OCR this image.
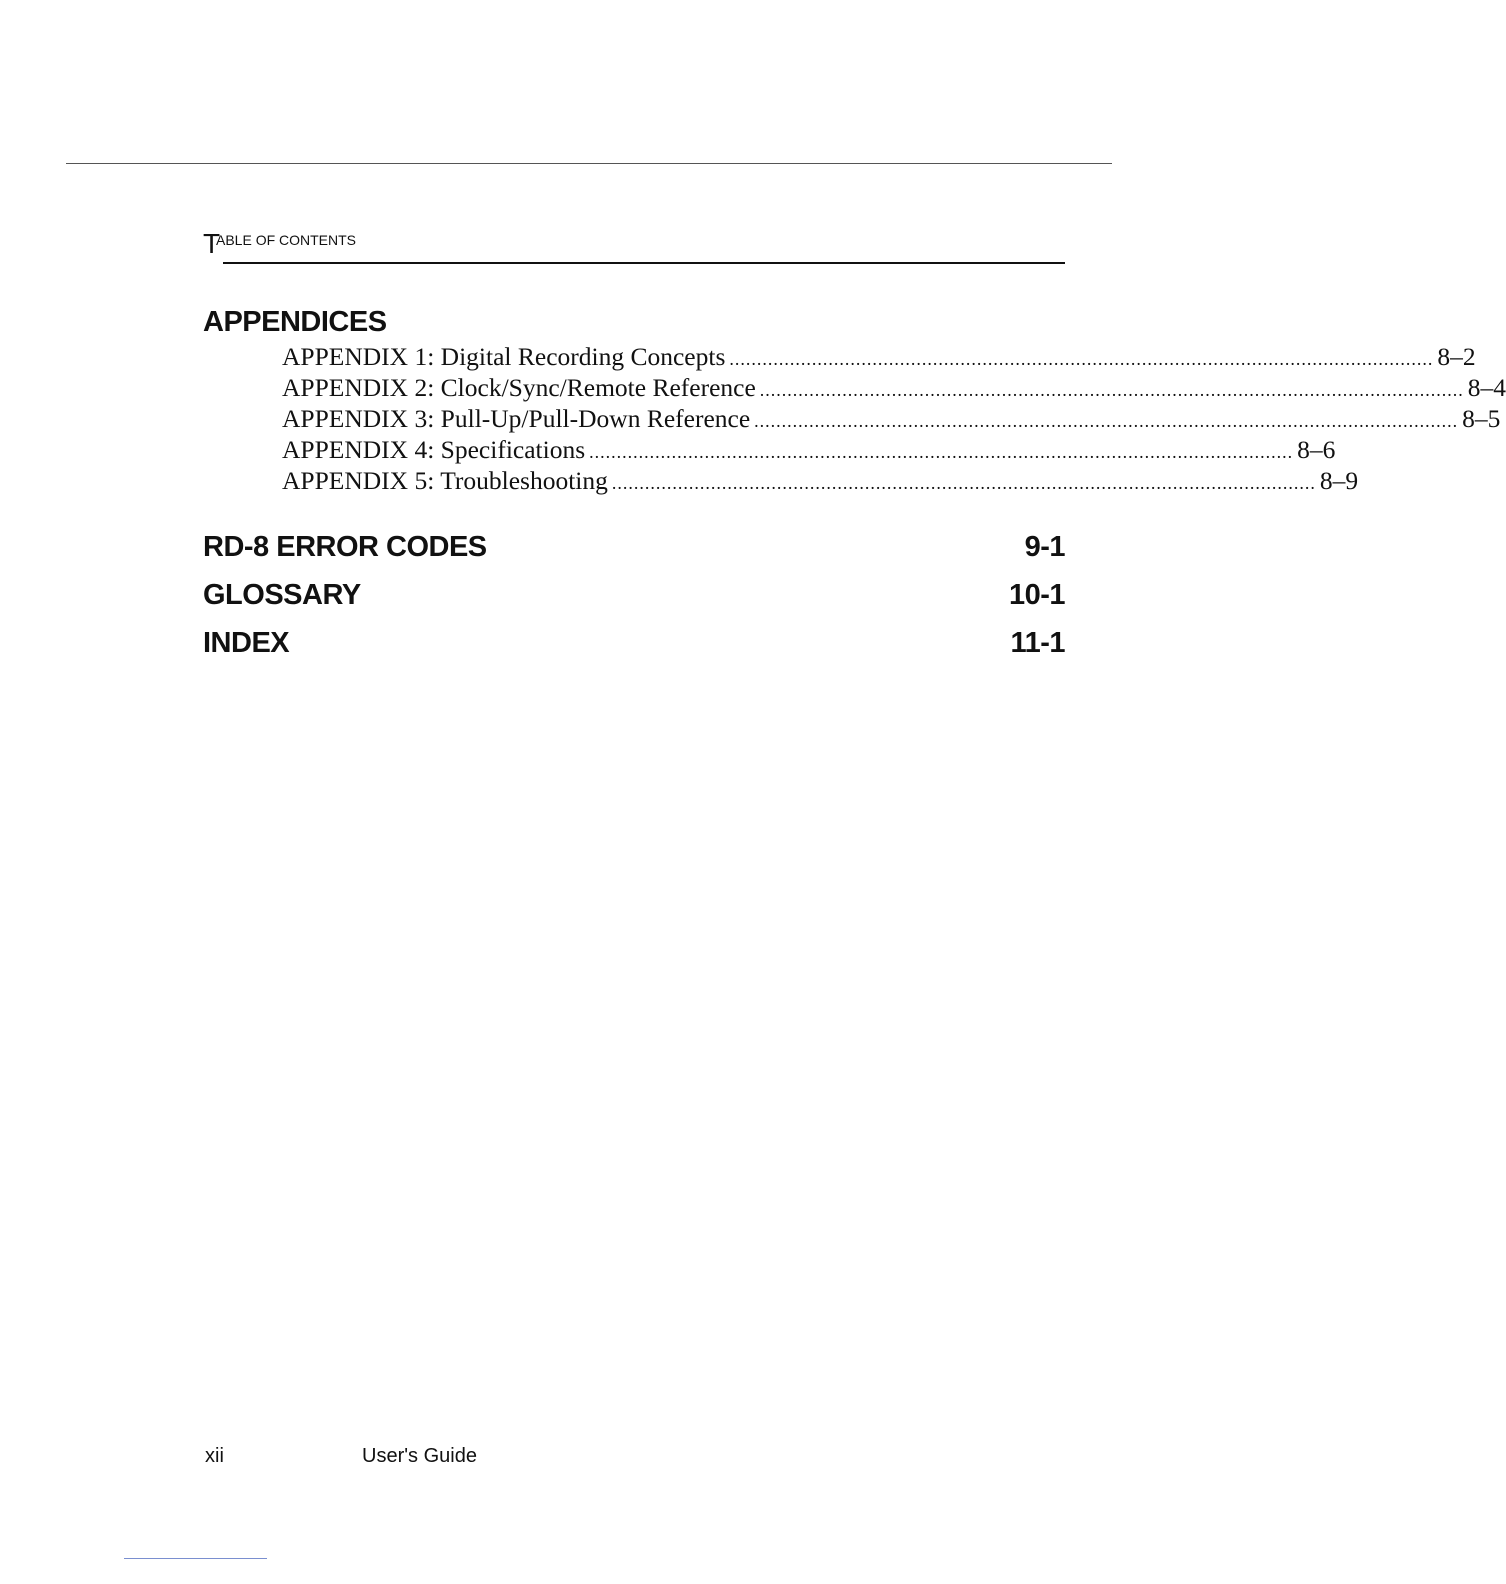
T
ABLE OF CONTENTS
APPENDICES
APPENDIX 1: Digital Recording Concepts ................................................................................................................................ 8–2
APPENDIX 2: Clock/Sync/Remote Reference ................................................................................................................................ 8–4
APPENDIX 3: Pull-Up/Pull-Down Reference ................................................................................................................................ 8–5
APPENDIX 4: Specifications ................................................................................................................................ 8–6
APPENDIX 5: Troubleshooting ................................................................................................................................ 8–9
RD-8 ERROR CODES	9-1
GLOSSARY	10-1
INDEX	11-1
xii	User's Guide
